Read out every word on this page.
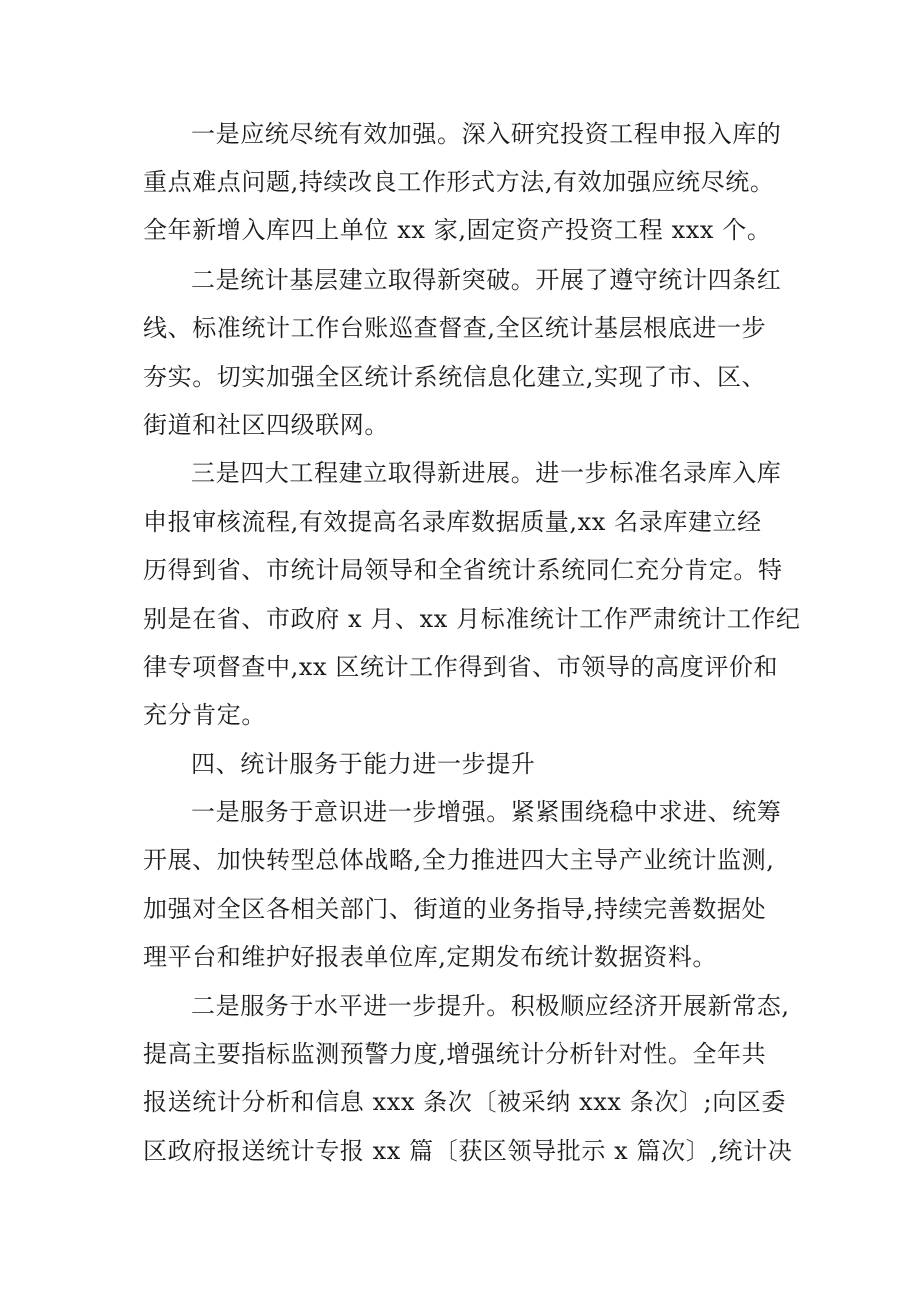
一是应统尽统有效加强。深入研究投资工程申报入库的

重点难点问题,持续改良工作形式方法,有效加强应统尽统。

全年新增入库四上单位 xx 家,固定资产投资工程 xxx 个。

二是统计基层建立取得新突破。开展了遵守统计四条红

线、标准统计工作台账巡查督查,全区统计基层根底进一步

夯实。切实加强全区统计系统信息化建立,实现了市、区、

街道和社区四级联网。

三是四大工程建立取得新进展。进一步标准名录库入库

申报审核流程,有效提高名录库数据质量,xx 名录库建立经

历得到省、市统计局领导和全省统计系统同仁充分肯定。特

别是在省、市政府 x 月、xx 月标准统计工作严肃统计工作纪

律专项督查中,xx 区统计工作得到省、市领导的高度评价和

充分肯定。

四、统计服务于能力进一步提升

一是服务于意识进一步增强。紧紧围绕稳中求进、统筹

开展、加快转型总体战略,全力推进四大主导产业统计监测,

加强对全区各相关部门、街道的业务指导,持续完善数据处

理平台和维护好报表单位库,定期发布统计数据资料。

二是服务于水平进一步提升。积极顺应经济开展新常态,

提高主要指标监测预警力度,增强统计分析针对性。全年共

报送统计分析和信息 xxx 条次〔被采纳 xxx 条次〕;向区委

区政府报送统计专报 xx 篇〔获区领导批示 x 篇次〕,统计决
